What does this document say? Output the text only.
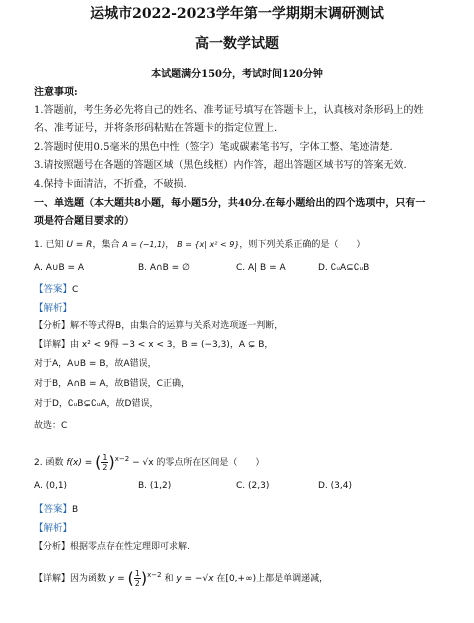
运城市2022-2023学年第一学期期末调研测试
高一数学试题
本试题满分150分，考试时间120分钟
注意事项:
1.答题前，考生务必先将自己的姓名、准考证号填写在答题卡上，认真核对条形码上的姓
名、准考证号，并将条形码粘贴在答题卡的指定位置上.
2.答题时使用0.5毫米的黑色中性（签字）笔或碳素笔书写，字体工整、笔迹清楚.
3.请按照题号在各题的答题区域（黑色线框）内作答，超出答题区域书写的答案无效.
4.保持卡面清洁，不折叠，不破损.
一、单选题（本大题共8小题，每小题5分，共40分.在每小题给出的四个选项中，只有一
项是符合题目要求的）
1. 已知 U = R，集合 A = (−1,1)， B = {x| x² < 9}，则下列关系正确的是（　　）
A. A∪B = A	B. A∩B = ∅	C. A| B = A	D. ∁ᵤA⊆∁ᵤB
【答案】C
【解析】
【分析】解不等式得B，由集合的运算与关系对选项逐一判断，
【详解】由 x² < 9得 −3 < x < 3，B = (−3,3)，A ⊊ B，
对于A，A∪B = B，故A错误，
对于B，A∩B = A，故B错误，C正确，
对于D，∁ᵤB⊊∁ᵤA，故D错误，
故选：C
2. 函数 f(x) = ( $\frac{1}{2} )^{x-2} - √x$ 的零点所在区间是（　　）
A. (0,1)	B. (1,2)	C. (2,3)	D. (3,4)
【答案】B
【解析】
【分析】根据零点存在性定理即可求解.
【详解】因为函数 y = ( $\frac{1}{2} )^{x-2}$ 和 y = −√x 在[0,+∞)上都是单调递减，
